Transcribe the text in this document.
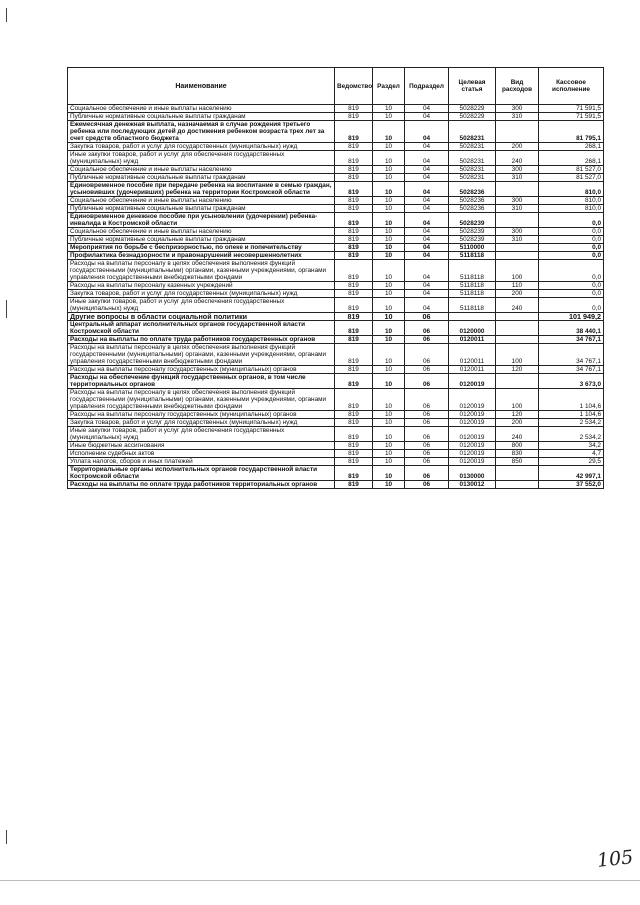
Наименование	Ведомство	Раздел	Подраздел	Целевая статья	Вид расходов	Кассовое исполнение
Социальное обеспечение и иные выплаты населению	819	10	04	5028229	300	71 591,5
Публичные нормативные социальные выплаты гражданам	819	10	04	5028229	310	71 591,5
Ежемесячная денежная выплата, назначаемая в случае рождения третьего ребенка или последующих детей до достижения ребенком возраста трех лет за счет средств областного бюджета	819	10	04	5028231		81 795,1
Закупка товаров, работ и услуг для государственных (муниципальных) нужд	819	10	04	5028231	200	268,1
Иные закупки товаров, работ и услуг для обеспечения государственных (муниципальных) нужд	819	10	04	5028231	240	268,1
Социальное обеспечение и иные выплаты населению	819	10	04	5028231	300	81 527,0
Публичные нормативные социальные выплаты гражданам	819	10	04	5028231	310	81 527,0
Единовременное пособие при передаче ребенка на воспитание в семью граждан, усыновивших (удочеривших) ребенка на территории Костромской области	819	10	04	5028236		810,0
Социальное обеспечение и иные выплаты населению	819	10	04	5028236	300	810,0
Публичные нормативные социальные выплаты гражданам	819	10	04	5028236	310	810,0
Единовременное денежное пособие при усыновлении (удочерении) ребенка-инвалида в Костромской области	819	10	04	5028239		0,0
Социальное обеспечение и иные выплаты населению	819	10	04	5028239	300	0,0
Публичные нормативные социальные выплаты гражданам	819	10	04	5028239	310	0,0
Мероприятия по борьбе с беспризорностью, по опеке и попечительству	819	10	04	5110000		0,0
Профилактика безнадзорности и правонарушений несовершеннолетних	819	10	04	5118118		0,0
Расходы на выплаты персоналу в целях обеспечения выполнения функций государственными (муниципальными) органами, казенными учреждениями, органами управления государственными внебюджетными фондами	819	10	04	5118118	100	0,0
Расходы на выплаты персоналу казенных учреждений	819	10	04	5118118	110	0,0
Закупка товаров, работ и услуг для государственных (муниципальных) нужд	819	10	04	5118118	200	0,0
Иные закупки товаров, работ и услуг для обеспечения государственных (муниципальных) нужд	819	10	04	5118118	240	0,0
Другие вопросы в области социальной политики	819	10	06			101 949,2
Центральный аппарат исполнительных органов государственной власти Костромской области	819	10	06	0120000		38 440,1
Расходы на выплаты по оплате труда работников государственных органов	819	10	06	0120011		34 767,1
Расходы на выплаты персоналу в целях обеспечения выполнения функций государственными (муниципальными) органами, казенными учреждениями, органами управления государственными внебюджетными фондами	819	10	06	0120011	100	34 767,1
Расходы на выплаты персоналу государственных (муниципальных) органов	819	10	06	0120011	120	34 767,1
Расходы на обеспечение функций государственных органов, в том числе территориальных органов	819	10	06	0120019		3 673,0
Расходы на выплаты персоналу в целях обеспечения выполнения функций государственными (муниципальными) органами, казенными учреждениями, органами управления государственными внебюджетными фондами	819	10	06	0120019	100	1 104,6
Расходы на выплаты персоналу государственных (муниципальных) органов	819	10	06	0120019	120	1 104,6
Закупка товаров, работ и услуг для государственных (муниципальных) нужд	819	10	06	0120019	200	2 534,2
Иные закупки товаров, работ и услуг для обеспечения государственных (муниципальных) нужд	819	10	06	0120019	240	2 534,2
Иные бюджетные ассигнования	819	10	06	0120019	800	34,2
Исполнение судебных актов	819	10	06	0120019	830	4,7
Уплата налогов, сборов и иных платежей	819	10	06	0120019	850	29,5
Территориальные органы исполнительных органов государственной власти Костромской области	819	10	06	0130000		42 997,1
Расходы на выплаты по оплате труда работников территориальных органов	819	10	06	0130012		37 552,0
105
